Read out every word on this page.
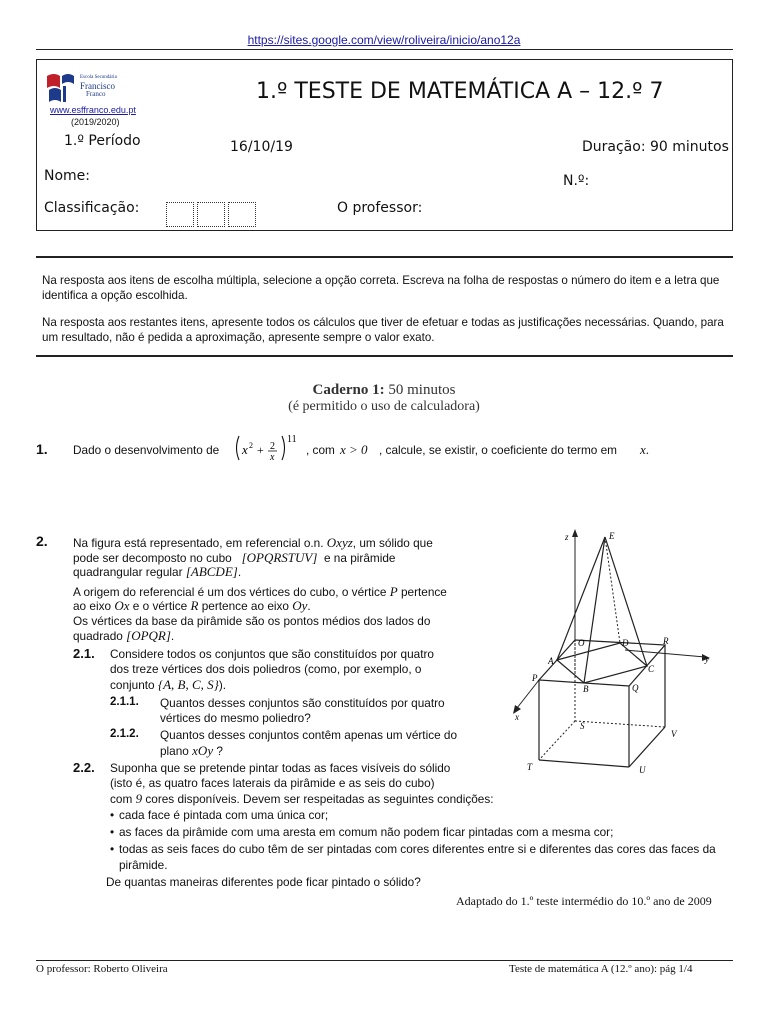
https://sites.google.com/view/roliveira/inicio/ano12a
Escola Secundária
Francisco
Franco
www.esffranco.edu.pt
(2019/2020)
1.º TESTE DE MATEMÁTICA A – 12.º 7
1.º Período	16/10/19	Duração: 90 minutos
Nome:	N.º:
Classificação:	O professor:
Na resposta aos itens de escolha múltipla, selecione a opção correta. Escreva na folha de respostas o número do item e a letra que identifica a opção escolhida.
Na resposta aos restantes itens, apresente todos os cálculos que tiver de efetuar e todas as justificações necessárias. Quando, para um resultado, não é pedida a aproximação, apresente sempre o valor exato.
Caderno 1: 50 minutos
(é permitido o uso de calculadora)
1. Dado o desenvolvimento de x 2 + 2
x
11
, com x > 0 , calcule, se existir, o coeficiente do termo em x.
2. Na figura está representado, em referencial o.n. Oxyz, um sólido que
pode ser decomposto no cubo [OPQRSTUV] e na pirâmide
quadrangular regular [ABCDE].
A origem do referencial é um dos vértices do cubo, o vértice P pertence
ao eixo Ox e o vértice R pertence ao eixo Oy.
Os vértices da base da pirâmide são os pontos médios dos lados do
quadrado [OPQR].
2.1. Considere todos os conjuntos que são constituídos por quatro
dos treze vértices dos dois poliedros (como, por exemplo, o
conjunto {A, B, C, S}).
2.1.1. Quantos desses conjuntos são constituídos por quatro
vértices do mesmo poliedro?
2.1.2. Quantos desses conjuntos contêm apenas um vértice do
plano xOy ?
2.2. Suponha que se pretende pintar todas as faces visíveis do sólido
(isto é, as quatro faces laterais da pirâmide e as seis do cubo)
com 9 cores disponíveis. Devem ser respeitadas as seguintes condições:
• cada face é pintada com uma única cor;
• as faces da pirâmide com uma aresta em comum não podem ficar pintadas com a mesma cor;
• todas as seis faces do cubo têm de ser pintadas com cores diferentes entre si e diferentes das cores das faces da pirâmide.
De quantas maneiras diferentes pode ficar pintado o sólido?
Adaptado do 1.º teste intermédio do 10.º ano de 2009
z	E
D	R
O
y
A
C
P
B	Q
x
S
V
T	U
O professor: Roberto Oliveira	Teste de matemática A (12.º ano): pág 1/4
